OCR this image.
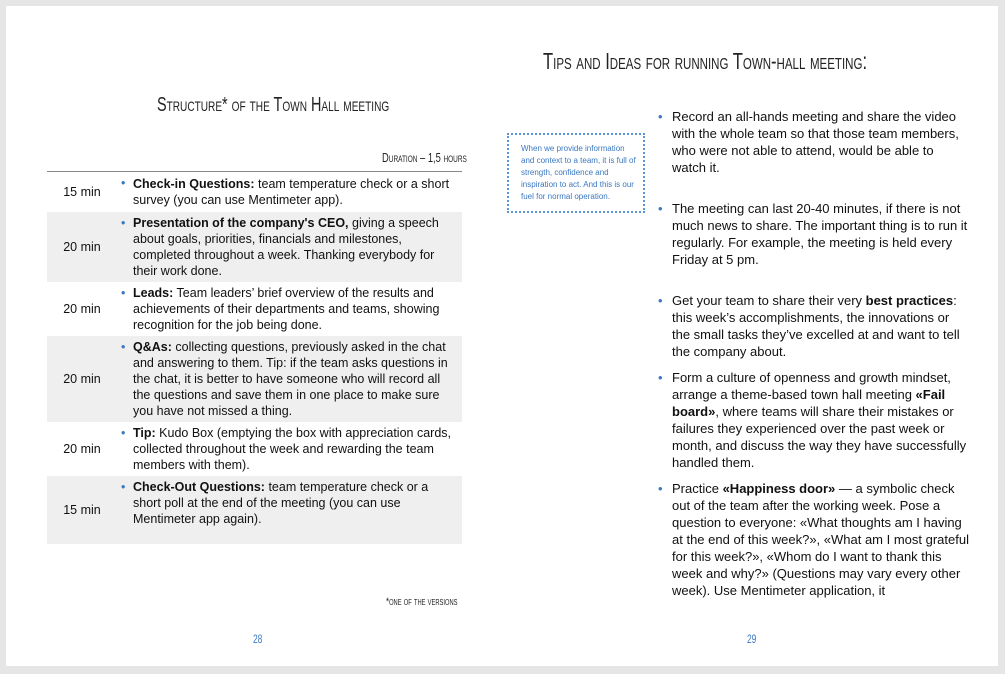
Structure* of the Town Hall meeting
Duration – 1,5 hours
15 min	• Check-in Questions: team temperature check or a short survey (you can use Mentimeter app).
20 min	• Presentation of the company's CEO, giving a speech about goals, priorities, financials and milestones, completed throughout a week. Thanking everybody for their work done.
20 min	• Leads: Team leaders’ brief overview of the results and achievements of their departments and teams, showing recognition for the job being done.
20 min	• Q&As: collecting questions, previously asked in the chat and answering to them. Tip: if the team asks questions in the chat, it is better to have someone who will record all the questions and save them in one place to make sure you have not missed a thing.
20 min	• Tip: Kudo Box (emptying the box with appreciation cards, collected throughout the week and rewarding the team members with them).
15 min	• Check-Out Questions: team temperature check or a short poll at the end of the meeting (you can use Mentimeter app again).
*one of the versions
28
Tips and Ideas for running Town-hall meeting:
When we provide information and context to a team, it is full of strength, confidence and inspiration to act. And this is our fuel for normal operation.
• Record an all-hands meeting and share the video with the whole team so that those team members, who were not able to attend, would be able to watch it.
• The meeting can last 20-40 minutes, if there is not much news to share. The important thing is to run it regularly. For example, the meeting is held every Friday at 5 pm.
• Get your team to share their very best practices: this week’s accomplishments, the innovations or the small tasks they’ve excelled at and want to tell the company about.
• Form a culture of openness and growth mindset, arrange a theme-based town hall meeting «Fail board», where teams will share their mistakes or failures they experienced over the past week or month, and discuss the way they have successfully handled them.
• Practice «Happiness door» — a symbolic check out of the team after the working week. Pose a question to everyone: «What thoughts am I having at the end of this week?», «What am I most grateful for this week?», «Whom do I want to thank this week and why?» (Questions may vary every other week). Use Mentimeter application, it
29
